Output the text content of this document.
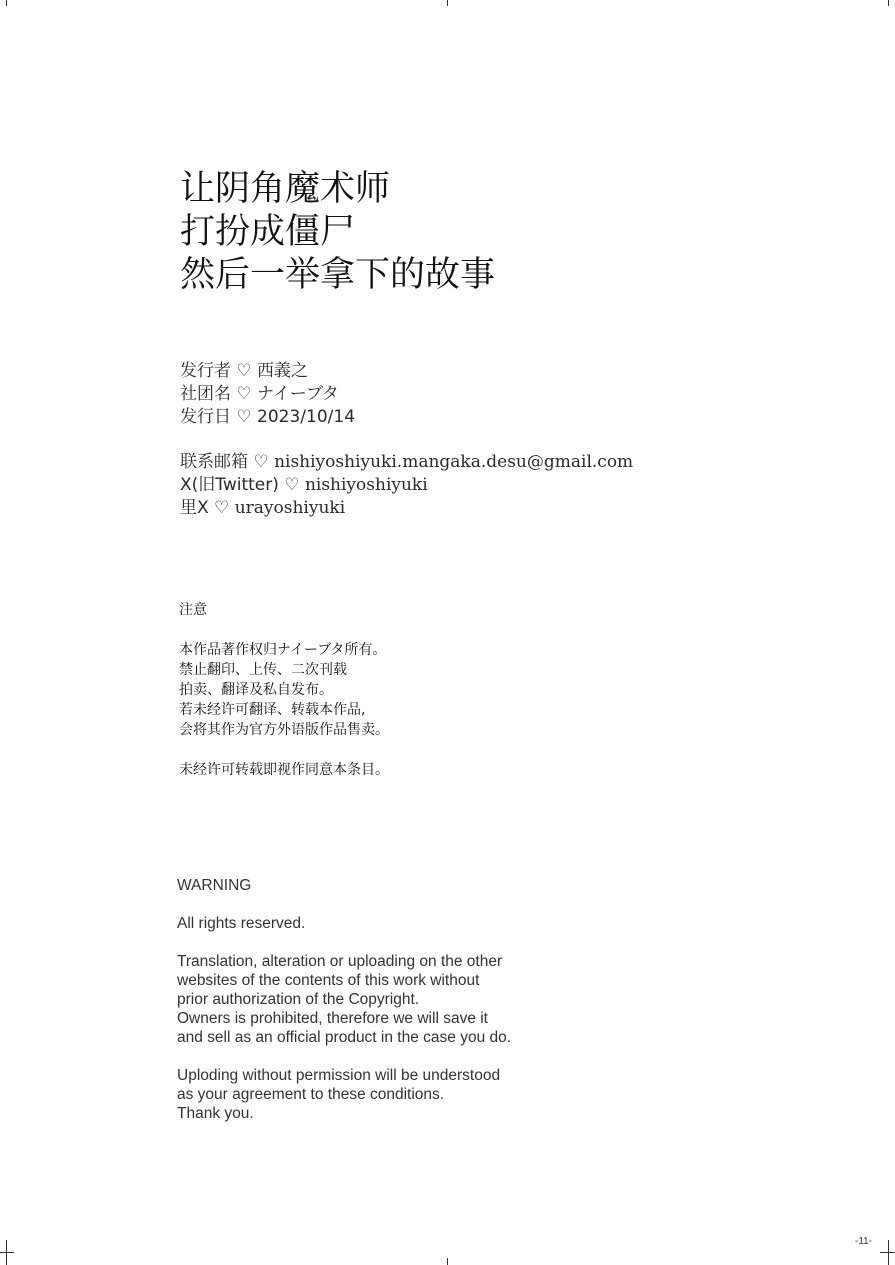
让阴角魔术师
打扮成僵尸
然后一举拿下的故事
发行者 ♡ 西義之
社团名 ♡ ナイーブタ
发行日 ♡ 2023/10/14
联系邮箱 ♡ nishiyoshiyuki.mangaka.desu@gmail.com
X(旧Twitter) ♡ nishiyoshiyuki
里X ♡ urayoshiyuki
注意
本作品著作权归ナイーブタ所有。
禁止翻印、上传、二次刊载
拍卖、翻译及私自发布。
若未经许可翻译、转载本作品,
会将其作为官方外语版作品售卖。
未经许可转载即视作同意本条目。
WARNING
All rights reserved.
Translation, alteration or uploading on the other
websites of the contents of this work without
prior authorization of the Copyright.
Owners is prohibited, therefore we will save it
and sell as an official product in the case you do.
Uploding without permission will be understood
as your agreement to these conditions.
Thank you.
-11-
